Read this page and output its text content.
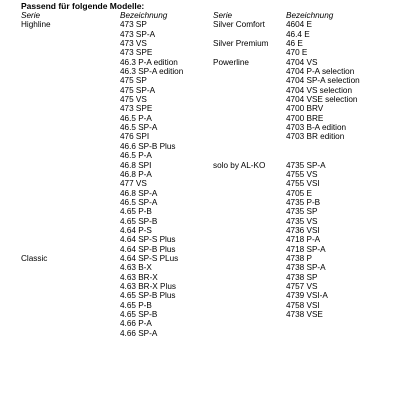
Passend für folgende Modelle:
Serie
Highline
Classic
Bezeichnung
473 SP
473 SP-A
473 VS
473 SPE
46.3 P-A edition
46.3 SP-A edition
475 SP
475 SP-A
475 VS
473 SPE
46.5 P-A
46.5 SP-A
476 SPI
46.6 SP-B Plus
46.5 P-A
46.8 SPI
46.8 P-A
477 VS
46.8 SP-A
46.5 SP-A
4.65 P-B
4.65 SP-B
4.64 P-S
4.64 SP-S Plus
4.64 SP-B Plus
4.64 SP-S PLus
4.63 B-X
4.63 BR-X
4.63 BR-X Plus
4.65 SP-B Plus
4.65 P-B
4.65 SP-B
4.66 P-A
4.66 SP-A
Serie
Silver Comfort
Silver Premium
Powerline
solo by AL-KO
Bezeichnung
4604 E
46.4 E
46 E
470 E
4704 VS
4704 P-A selection
4704 SP-A selection
4704 VS selection
4704 VSE selection
4700 BRV
4700 BRE
4703 B-A edition
4703 BR edition
4735 SP-A
4755 VS
4755 VSI
4705 E
4735 P-B
4735 SP
4735 VS
4736 VSI
4718 P-A
4718 SP-A
4738 P
4738 SP-A
4738 SP
4757 VS
4739 VSI-A
4758 VSI
4738 VSE
